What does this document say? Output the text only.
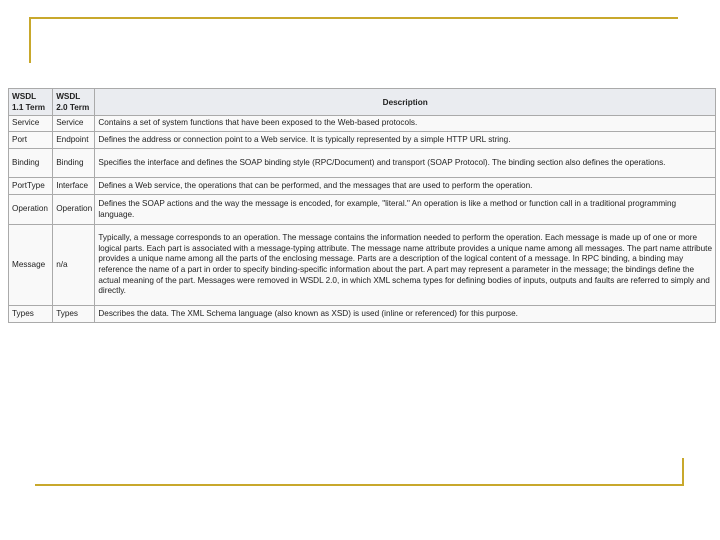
WSDL 1.1 Term	WSDL 2.0 Term	Description
Service	Service	Contains a set of system functions that have been exposed to the Web-based protocols.
Port	Endpoint	Defines the address or connection point to a Web service. It is typically represented by a simple HTTP URL string.
Binding	Binding	Specifies the interface and defines the SOAP binding style (RPC/Document) and transport (SOAP Protocol). The binding section also defines the operations.
PortType	Interface	Defines a Web service, the operations that can be performed, and the messages that are used to perform the operation.
Operation	Operation	Defines the SOAP actions and the way the message is encoded, for example, "literal." An operation is like a method or function call in a traditional programming language.
Message	n/a	Typically, a message corresponds to an operation. The message contains the information needed to perform the operation. Each message is made up of one or more logical parts. Each part is associated with a message-typing attribute. The message name attribute provides a unique name among all messages. The part name attribute provides a unique name among all the parts of the enclosing message. Parts are a description of the logical content of a message. In RPC binding, a binding may reference the name of a part in order to specify binding-specific information about the part. A part may represent a parameter in the message; the bindings define the actual meaning of the part. Messages were removed in WSDL 2.0, in which XML schema types for defining bodies of inputs, outputs and faults are referred to simply and directly.
Types	Types	Describes the data. The XML Schema language (also known as XSD) is used (inline or referenced) for this purpose.
